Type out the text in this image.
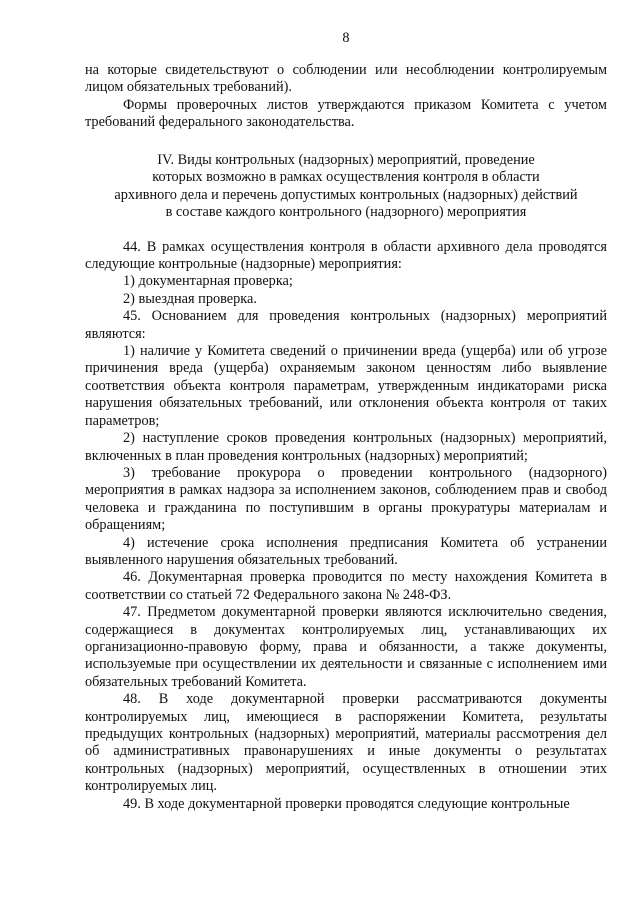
8

на которые свидетельствуют о соблюдении или несоблюдении контролируемым лицом обязательных требований).

Формы проверочных листов утверждаются приказом Комитета с учетом требований федерального законодательства.

IV. Виды контрольных (надзорных) мероприятий, проведение
которых возможно в рамках осуществления контроля в области
архивного дела и перечень допустимых контрольных (надзорных) действий
в составе каждого контрольного (надзорного) мероприятия

44. В рамках осуществления контроля в области архивного дела проводятся следующие контрольные (надзорные) мероприятия:

1) документарная проверка;

2) выездная проверка.

45. Основанием для проведения контрольных (надзорных) мероприятий являются:

1) наличие у Комитета сведений о причинении вреда (ущерба) или об угрозе причинения вреда (ущерба) охраняемым законом ценностям либо выявление соответствия объекта контроля параметрам, утвержденным индикаторами риска нарушения обязательных требований, или отклонения объекта контроля от таких параметров;

2) наступление сроков проведения контрольных (надзорных) мероприятий, включенных в план проведения контрольных (надзорных) мероприятий;

3) требование прокурора о проведении контрольного (надзорного) мероприятия в рамках надзора за исполнением законов, соблюдением прав и свобод человека и гражданина по поступившим в органы прокуратуры материалам и обращениям;

4) истечение срока исполнения предписания Комитета об устранении выявленного нарушения обязательных требований.

46. Документарная проверка проводится по месту нахождения Комитета в соответствии со статьей 72 Федерального закона № 248-ФЗ.

47. Предметом документарной проверки являются исключительно сведения, содержащиеся в документах контролируемых лиц, устанавливающих их организационно-правовую форму, права и обязанности, а также документы, используемые при осуществлении их деятельности и связанные с исполнением ими обязательных требований Комитета.

48. В ходе документарной проверки рассматриваются документы контролируемых лиц, имеющиеся в распоряжении Комитета, результаты предыдущих контрольных (надзорных) мероприятий, материалы рассмотрения дел об административных правонарушениях и иные документы о результатах контрольных (надзорных) мероприятий, осуществленных в отношении этих контролируемых лиц.

49. В ходе документарной проверки проводятся следующие контрольные
